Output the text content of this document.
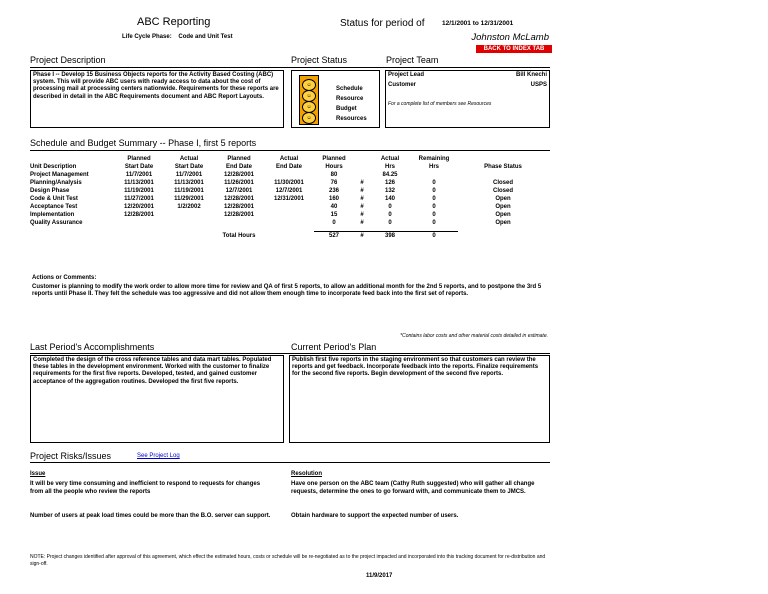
ABC Reporting
Life Cycle Phase:    Code and Unit Test
Status for period of	12/1/2001 to 12/31/2001
Johnston McLamb
BACK TO INDEX TAB
Project Description	Project Status	Project Team
Phase I -- Develop 15 Business Objects reports for the Activity Based Costing (ABC) system. This will provide ABC users with ready access to data about the cost of processing mail at processing centers nationwide. Requirements for these reports are described in detail in the ABC Requirements document and ABC Report Layouts.
☺
☺
☺
☺
Schedule
Resource
Budget
Resources
Project Lead	Bill Knechi
Customer	USPS
For a complete list of members see Resources
Schedule and Budget Summary -- Phase I, first 5 reports
	Planned	Actual	Planned	Actual	Planned		Actual	Remaining	
Unit Description	Start Date	Start Date	End Date	End Date	Hours		Hrs	Hrs	Phase Status
Project Management	11/7/2001	11/7/2001	12/28/2001		80		84.25		
Planning/Analysis	11/13/2001	11/13/2001	11/26/2001	11/30/2001	76	#	126	0	Closed
Design Phase	11/19/2001	11/19/2001	12/7/2001	12/7/2001	236	#	132	0	Closed
Code & Unit Test	11/27/2001	11/29/2001	12/28/2001	12/31/2001	160	#	140	0	Open
Acceptance Test	12/20/2001	1/2/2002	12/28/2001		40	#	0	0	Open
Implementation	12/28/2001		12/28/2001		15	#	0	0	Open
Quality Assurance					0	#	0	0	Open

			Total Hours		527	#	398	0	
Actions or Comments:
Customer is planning to modify the work order to allow more time for review and QA of first 5 reports, to allow an additional month for the 2nd 5 reports, and to postpone the 3rd 5 reports until Phase II. They felt the schedule was too aggressive and did not allow them enough time to incorporate feed back into the first set of reports.
*Contains labor costs and other material costs detailed in estimate.
Last Period's Accomplishments	Current Period's Plan
Completed the design of the cross reference tables and data mart tables. Populated these tables in the development environment. Worked with the customer to finalize requirements for the first five reports. Developed, tested, and gained customer acceptance of the aggregation routines. Developed the first five reports.
Publish first five reports in the staging environment so that customers can review the reports and get feedback. Incorporate feedback into the reports. Finalize requirements for the second five reports. Begin development of the second five reports.
Project Risks/Issues	See Project Log
Issue	Resolution
It will be very time consuming and inefficient to respond to requests for changes from all the people who review the reports
Have one person on the ABC team (Cathy Ruth suggested) who will gather all change requests, determine the ones to go forward with, and communicate them to JMCS.
Number of users at peak load times could be more than the B.O. server can support.	Obtain hardware to support the expected number of users.
NOTE: Project changes identified after approval of this agreement, which effect the estimated hours, costs or schedule will be re-negotiated as to the project impacted and incorporated into this tracking document for re-distribution and sign-off.
11/9/2017
